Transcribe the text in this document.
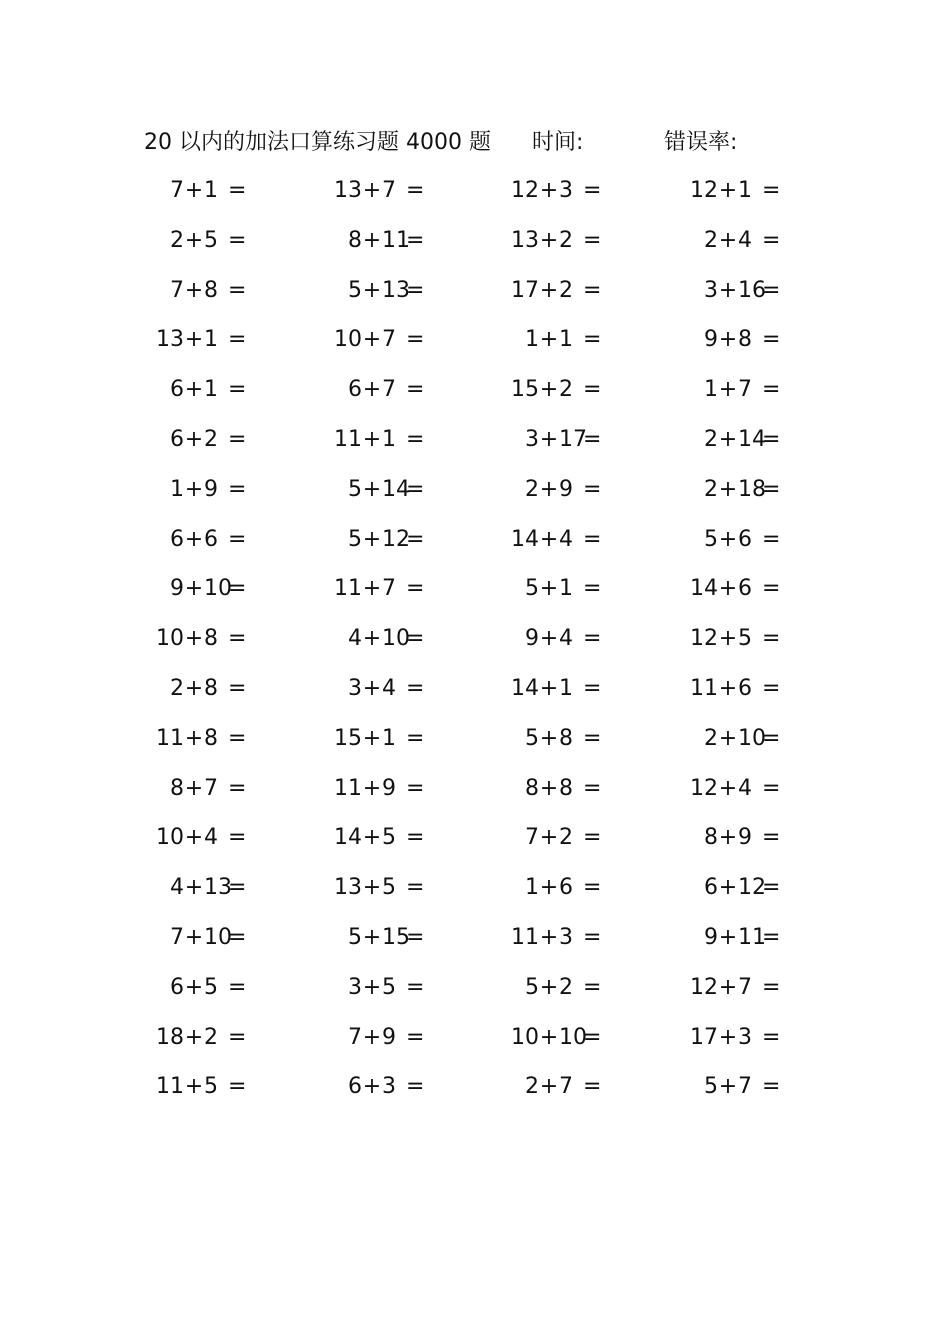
20 以内的加法口算练习题 4000 题 时间:	错误率:
7+1 =	13+7 =	12+3 =	12+1 =
2+5 =	8+11=	13+2 =	2+4 =
7+8 =	5+13=	17+2 =	3+16=
13+1 =	10+7 =	1+1 =	9+8 =
6+1 =	6+7 =	15+2 =	1+7 =
6+2 =	11+1 =	3+17=	2+14=
1+9 =	5+14=	2+9 =	2+18=
6+6 =	5+12=	14+4 =	5+6 =
9+10=	11+7 =	5+1 =	14+6 =
10+8 =	4+10=	9+4 =	12+5 =
2+8 =	3+4 =	14+1 =	11+6 =
11+8 =	15+1 =	5+8 =	2+10=
8+7 =	11+9 =	8+8 =	12+4 =
10+4 =	14+5 =	7+2 =	8+9 =
4+13=	13+5 =	1+6 =	6+12=
7+10=	5+15=	11+3 =	9+11=
6+5 =	3+5 =	5+2 =	12+7 =
18+2 =	7+9 =	10+10=	17+3 =
11+5 =	6+3 =	2+7 =	5+7 =
